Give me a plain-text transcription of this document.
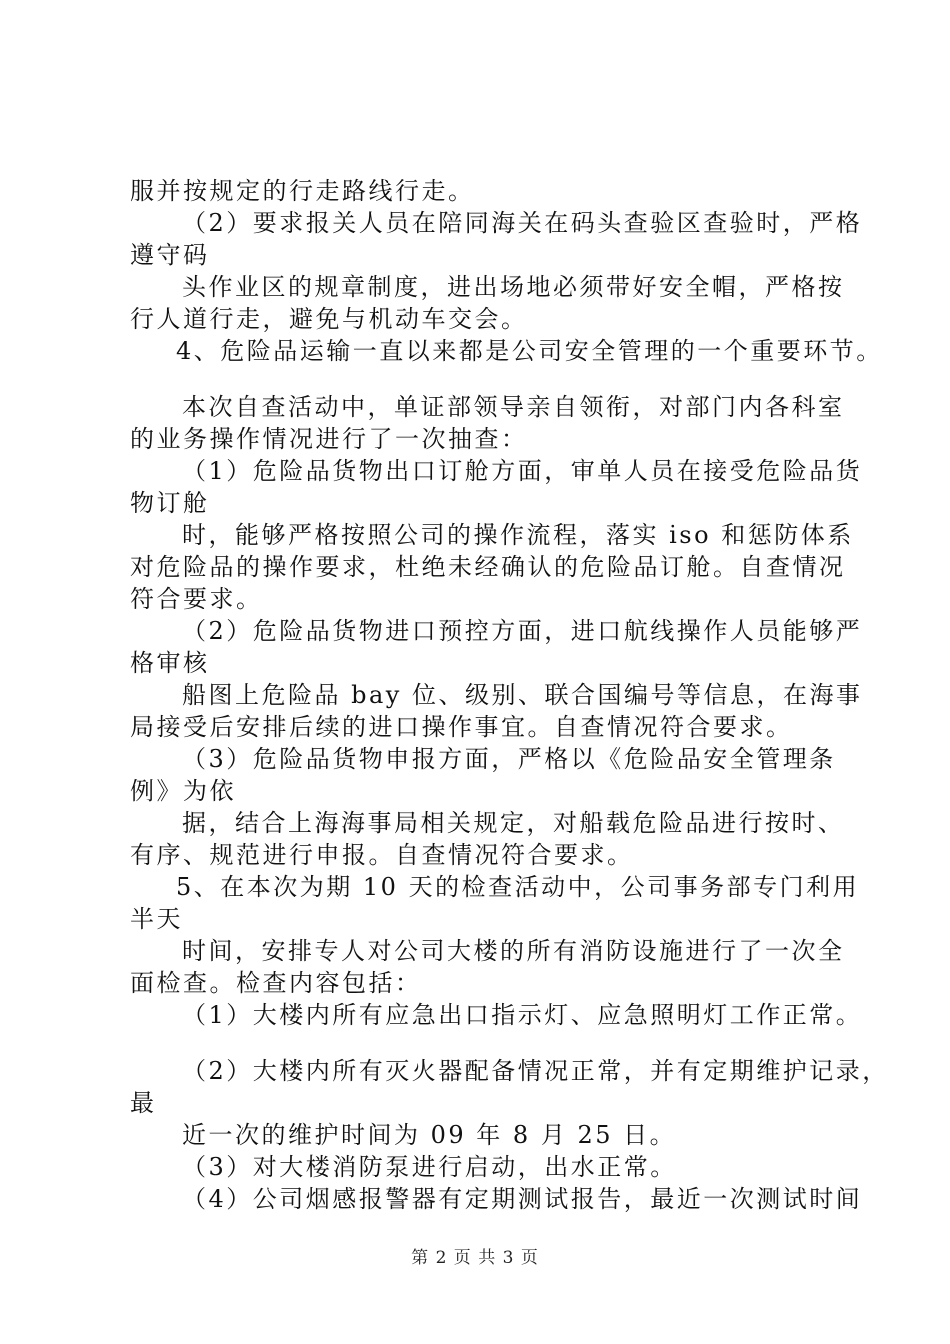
服并按规定的行走路线行走。
（2）要求报关人员在陪同海关在码头查验区查验时，严格
遵守码
头作业区的规章制度，进出场地必须带好安全帽，严格按
行人道行走，避免与机动车交会。
4、危险品运输一直以来都是公司安全管理的一个重要环节。
本次自查活动中，单证部领导亲自领衔，对部门内各科室
的业务操作情况进行了一次抽查：
（1）危险品货物出口订舱方面，审单人员在接受危险品货
物订舱
时，能够严格按照公司的操作流程，落实 iso 和惩防体系
对危险品的操作要求，杜绝未经确认的危险品订舱。自查情况
符合要求。
（2）危险品货物进口预控方面，进口航线操作人员能够严
格审核
船图上危险品 bay 位、级别、联合国编号等信息，在海事
局接受后安排后续的进口操作事宜。自查情况符合要求。
（3）危险品货物申报方面，严格以《危险品安全管理条
例》为依
据，结合上海海事局相关规定，对船载危险品进行按时、
有序、规范进行申报。自查情况符合要求。
5、在本次为期 10 天的检查活动中，公司事务部专门利用
半天
时间，安排专人对公司大楼的所有消防设施进行了一次全
面检查。检查内容包括：
（1）大楼内所有应急出口指示灯、应急照明灯工作正常。
（2）大楼内所有灭火器配备情况正常，并有定期维护记录，
最
近一次的维护时间为 09 年 8 月 25 日。
（3）对大楼消防泵进行启动，出水正常。
（4）公司烟感报警器有定期测试报告，最近一次测试时间
第 2 页 共 3 页
